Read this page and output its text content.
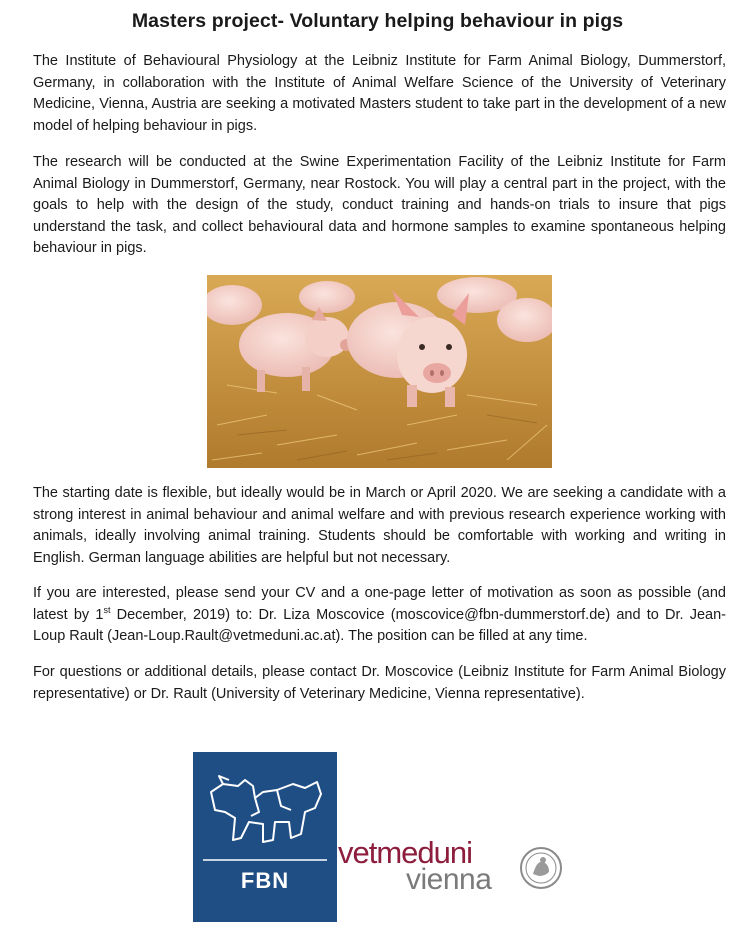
Masters project- Voluntary helping behaviour in pigs

The Institute of Behavioural Physiology at the Leibniz Institute for Farm Animal Biology, Dummerstorf, Germany, in collaboration with the Institute of Animal Welfare Science of the University of Veterinary Medicine, Vienna, Austria are seeking a motivated Masters student to take part in the development of a new model of helping behaviour in pigs.

The research will be conducted at the Swine Experimentation Facility of the Leibniz Institute for Farm Animal Biology in Dummerstorf, Germany, near Rostock. You will play a central part in the project, with the goals to help with the design of the study, conduct training and hands-on trials to insure that pigs understand the task, and collect behavioural data and hormone samples to examine spontaneous helping behaviour in pigs.

The starting date is flexible, but ideally would be in March or April 2020. We are seeking a candidate with a strong interest in animal behaviour and animal welfare and with previous research experience working with animals, ideally involving animal training. Students should be comfortable with working and writing in English. German language abilities are helpful but not necessary.

If you are interested, please send your CV and a one-page letter of motivation as soon as possible (and latest by 1st December, 2019) to: Dr. Liza Moscovice (moscovice@fbn-dummerstorf.de) and to Dr. Jean-Loup Rault (Jean-Loup.Rault@vetmeduni.ac.at). The position can be filled at any time.

For questions or additional details, please contact Dr. Moscovice (Leibniz Institute for Farm Animal Biology representative) or Dr. Rault (University of Veterinary Medicine, Vienna representative).

FBN
vetmeduni
vienna
